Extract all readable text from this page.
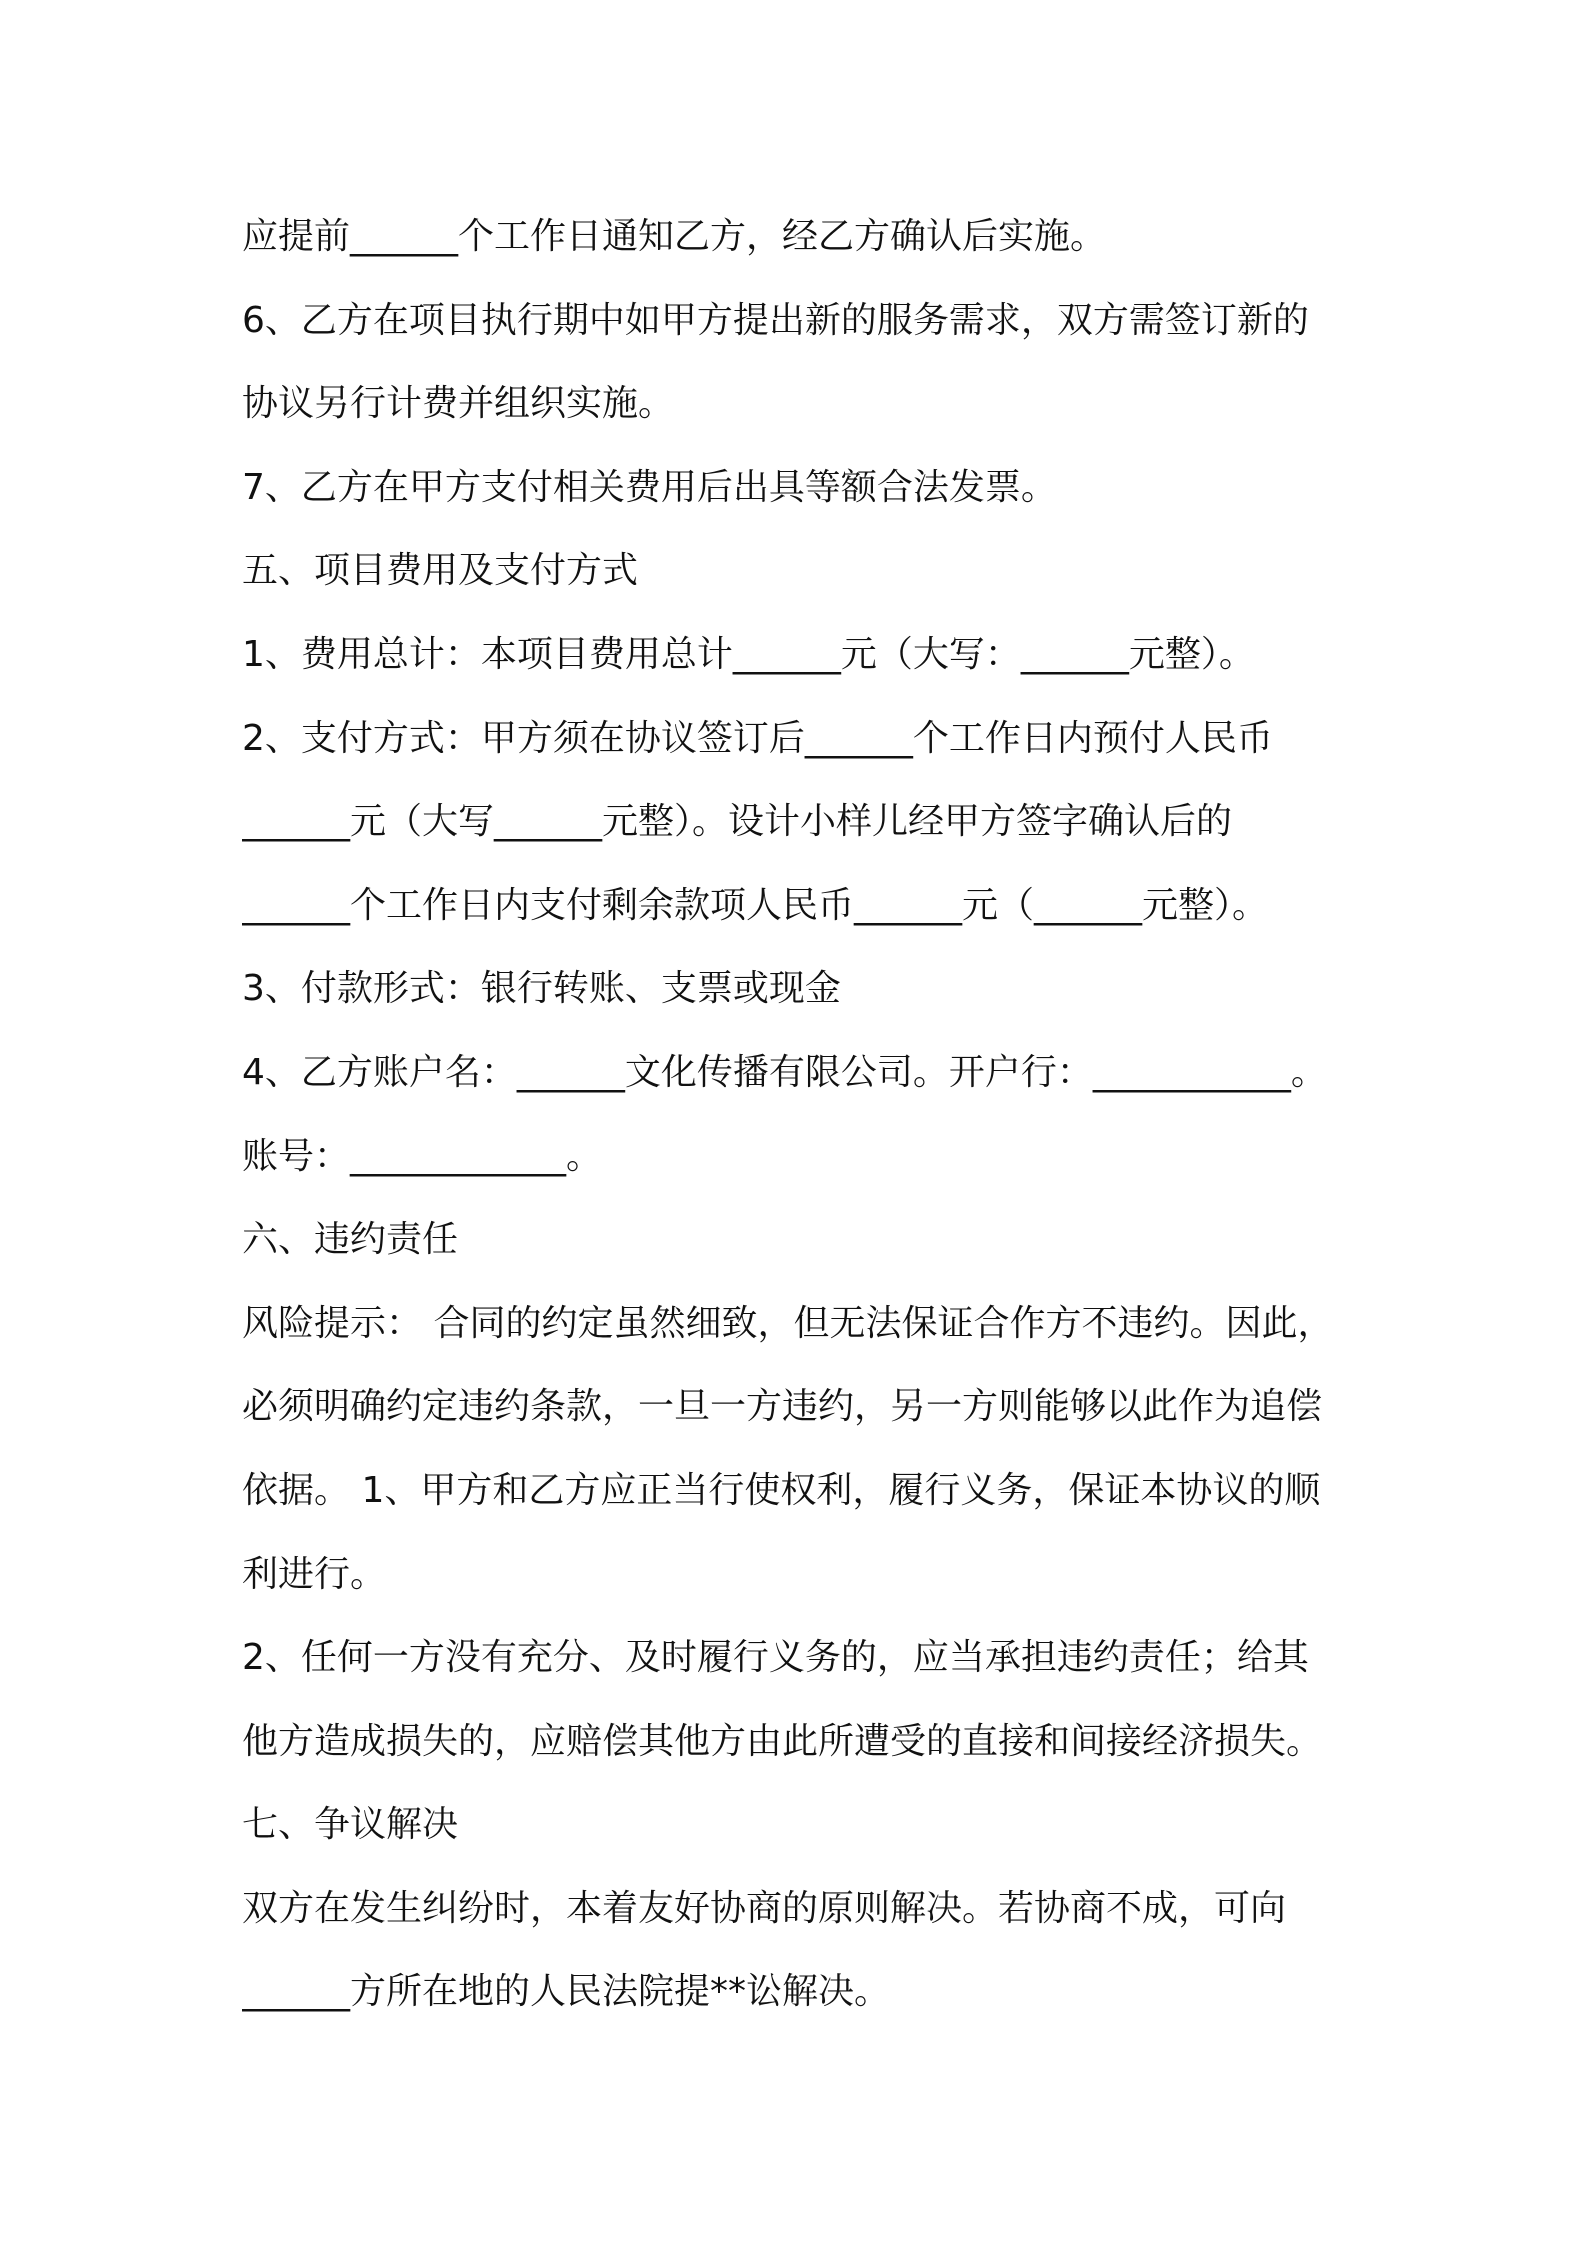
应提前______个工作日通知乙方，经乙方确认后实施。
6、乙方在项目执行期中如甲方提出新的服务需求，双方需签订新的
协议另行计费并组织实施。
7、乙方在甲方支付相关费用后出具等额合法发票。
五、项目费用及支付方式
1、费用总计：本项目费用总计______元（大写：______元整）。
2、支付方式：甲方须在协议签订后______个工作日内预付人民币
______元（大写______元整）。设计小样儿经甲方签字确认后的
______个工作日内支付剩余款项人民币______元（______元整）。
3、付款形式：银行转账、支票或现金
4、乙方账户名：______文化传播有限公司。开户行：___________。
账号：____________。
六、违约责任
风险提示： 合同的约定虽然细致，但无法保证合作方不违约。因此，
必须明确约定违约条款，一旦一方违约，另一方则能够以此作为追偿
依据。 1、甲方和乙方应正当行使权利，履行义务，保证本协议的顺
利进行。
2、任何一方没有充分、及时履行义务的，应当承担违约责任；给其
他方造成损失的，应赔偿其他方由此所遭受的直接和间接经济损失。
七、争议解决
双方在发生纠纷时，本着友好协商的原则解决。若协商不成，可向
______方所在地的人民法院提**讼解决。
